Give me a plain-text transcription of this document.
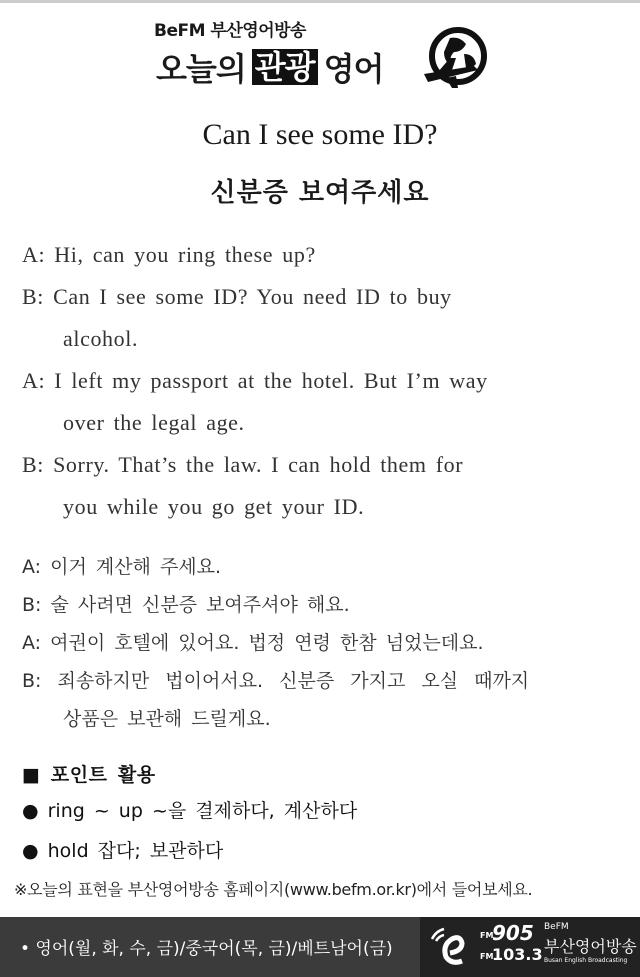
BeFM 부산영어방송
오늘의 관광 영어
Can I see some ID?
신분증 보여주세요
A: Hi, can you ring these up?
B: Can I see some ID? You need ID to buy
alcohol.
A: I left my passport at the hotel. But I’m way
over the legal age.
B: Sorry. That’s the law. I can hold them for
you while you go get your ID.
A: 이거 계산해 주세요.
B: 술 사려면 신분증 보여주셔야 해요.
A: 여권이 호텔에 있어요. 법정 연령 한참 넘었는데요.
B: 죄송하지만 법이어서요. 신분증 가지고 오실 때까지
상품은 보관해 드릴게요.
■ 포인트 활용
● ring ~ up ~을 결제하다, 계산하다
● hold 잡다; 보관하다
※오늘의 표현을 부산영어방송 홈페이지(www.befm.or.kr)에서 들어보세요.
• 영어(월, 화, 수, 금)/중국어(목, 금)/베트남어(금)
FM
905
FM
103.3
BeFM
부산영어방송
Busan English Broadcasting
